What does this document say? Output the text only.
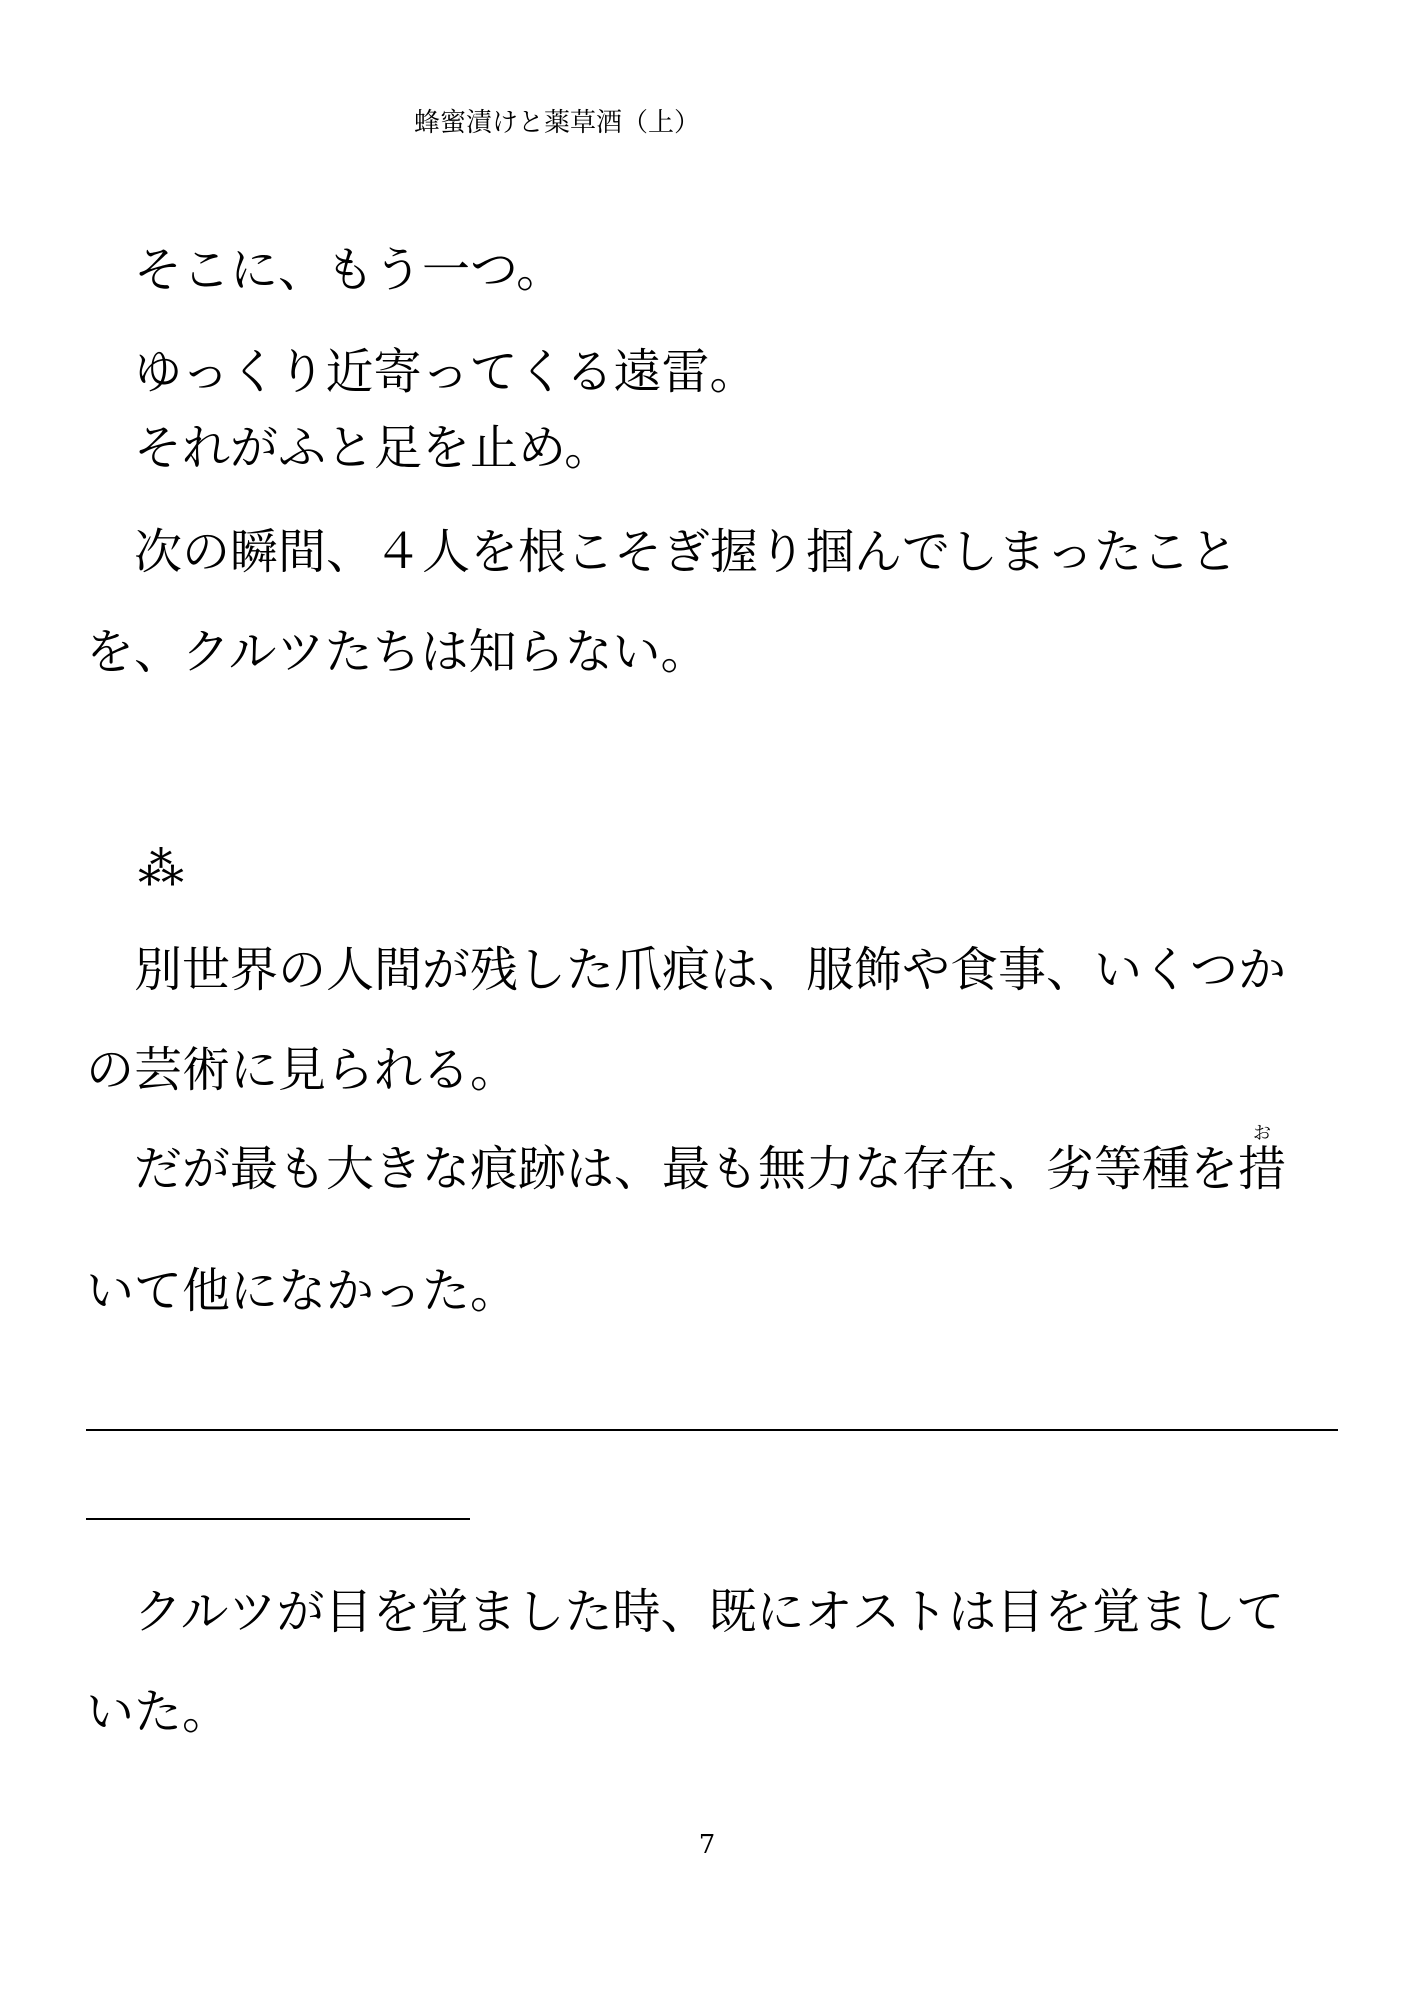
蜂蜜漬けと薬草酒（上）

そこに、もう一つ。

ゆっくり近寄ってくる遠雷。

それがふと足を止め。

次の瞬間、４人を根こそぎ握り掴んでしまったことを、クルツたちは知らない。

⁂

別世界の人間が残した爪痕は、服飾や食事、いくつかの芸術に見られる。

だが最も大きな痕跡は、最も無力な存在、劣等種を措おいて他になかった。

クルツが目を覚ました時、既にオストは目を覚ましていた。

7
